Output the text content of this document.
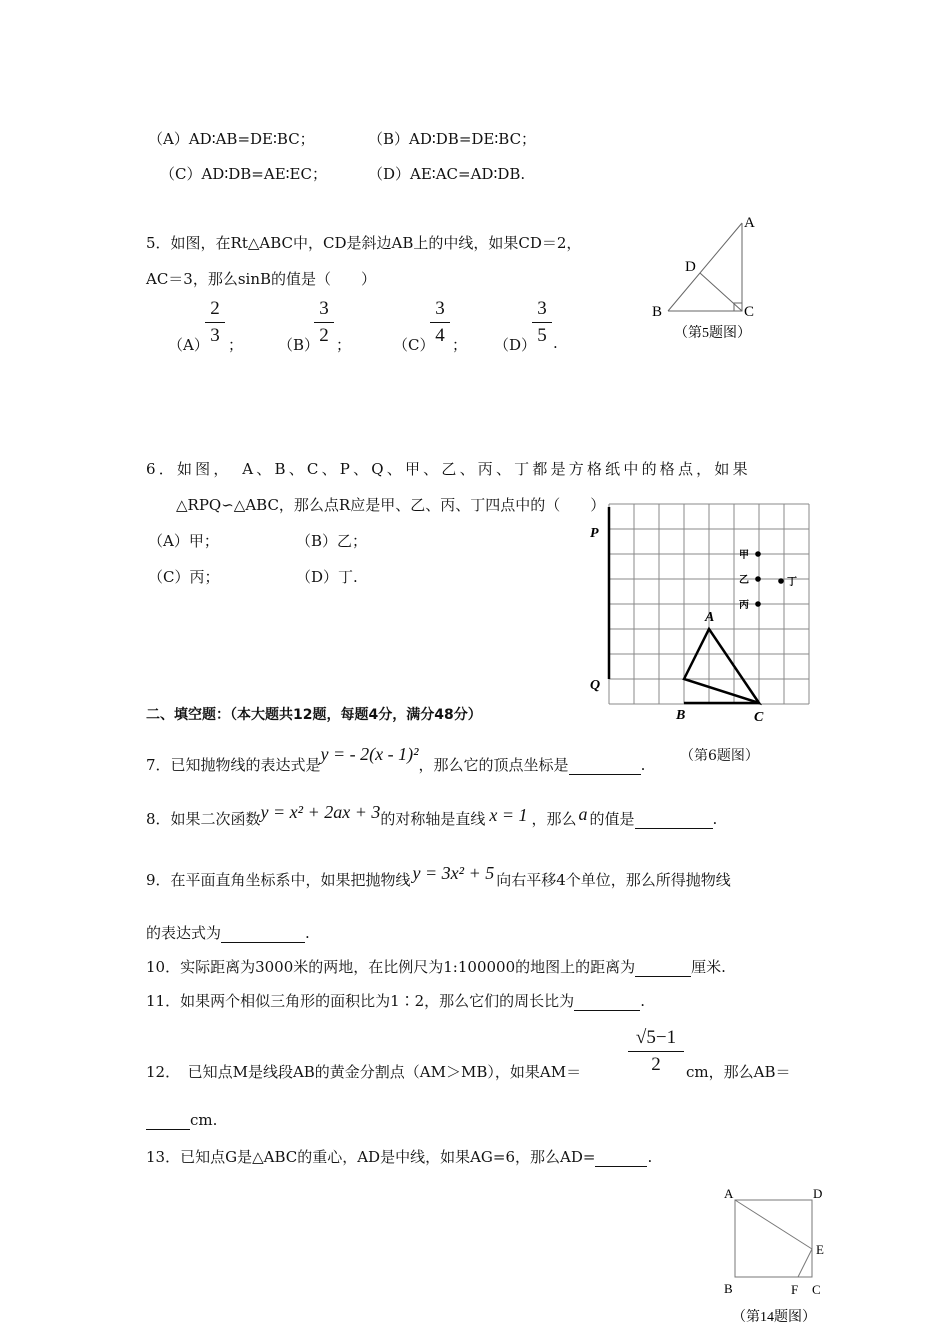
（A）AD∶AB=DE∶BC；	（B）AD∶DB=DE∶BC；
（C）AD∶DB=AE∶EC；	（D）AE∶AC=AD∶DB.
5．如图，在Rt△ABC中，CD是斜边AB上的中线，如果CD＝2，
AC＝3，那么sinB的值是（　　）
（A）
2
3 ； （B）
3
2 ；	（C）
3
4 ； （D）
3
5 .
A
B	C
D
（第5题图）
6．如图，　A、B、C、P、Q、甲、乙、丙、丁都是方格纸中的格点，如果
△RPQ∽△ABC，那么点R应是甲、乙、丙、丁四点中的（　　）
（A）甲；	（B）乙；
（C）丙；	（D）丁.
P
Q
A
B	C
甲
乙
丙
丁
二、填空题：（本大题共12题，每题4分，满分48分）
7．已知抛物线的表达式是y = - 2(x - 1)²，那么它的顶点坐标是	. （第6题图）
8．如果二次函数y = x² + 2ax + 3的对称轴是直线 x = 1 ，那么 a 的值是	.
9．在平面直角坐标系中，如果把抛物线 y = 3x² + 5 向右平移4个单位，那么所得抛物线
的表达式为	.
10．实际距离为3000米的两地，在比例尺为1:100000的地图上的距离为	厘米.
11．如果两个相似三角形的面积比为1∶2，那么它们的周长比为	.
12．　已知点M是线段AB的黄金分割点（AM＞MB），如果AM＝
√5−1
2	cm，那么AB＝
cm.
13．已知点G是△ABC的重心，AD是中线，如果AG=6，那么AD=	.
A	D
E
B	F C
（第14题图）
